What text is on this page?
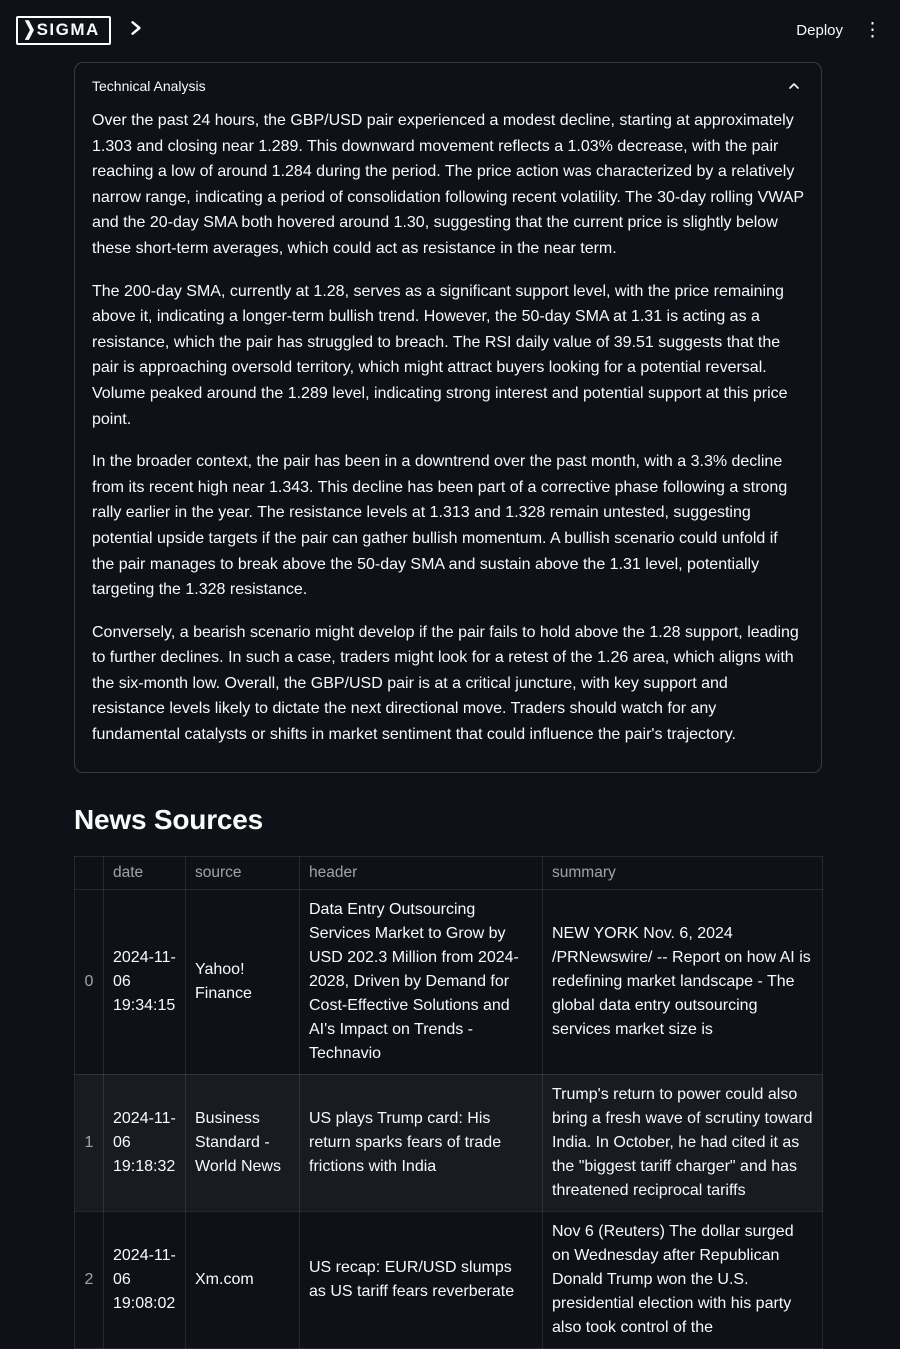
❯ SIGMA	Deploy ⋮
Technical Analysis

Over the past 24 hours, the GBP/USD pair experienced a modest decline, starting at approximately 1.303 and closing near 1.289. This downward movement reflects a 1.03% decrease, with the pair reaching a low of around 1.284 during the period. The price action was characterized by a relatively narrow range, indicating a period of consolidation following recent volatility. The 30-day rolling VWAP and the 20-day SMA both hovered around 1.30, suggesting that the current price is slightly below these short-term averages, which could act as resistance in the near term.

The 200-day SMA, currently at 1.28, serves as a significant support level, with the price remaining above it, indicating a longer-term bullish trend. However, the 50-day SMA at 1.31 is acting as a resistance, which the pair has struggled to breach. The RSI daily value of 39.51 suggests that the pair is approaching oversold territory, which might attract buyers looking for a potential reversal. Volume peaked around the 1.289 level, indicating strong interest and potential support at this price point.

In the broader context, the pair has been in a downtrend over the past month, with a 3.3% decline from its recent high near 1.343. This decline has been part of a corrective phase following a strong rally earlier in the year. The resistance levels at 1.313 and 1.328 remain untested, suggesting potential upside targets if the pair can gather bullish momentum. A bullish scenario could unfold if the pair manages to break above the 50-day SMA and sustain above the 1.31 level, potentially targeting the 1.328 resistance.

Conversely, a bearish scenario might develop if the pair fails to hold above the 1.28 support, leading to further declines. In such a case, traders might look for a retest of the 1.26 area, which aligns with the six-month low. Overall, the GBP/USD pair is at a critical juncture, with key support and resistance levels likely to dictate the next directional move. Traders should watch for any fundamental catalysts or shifts in market sentiment that could influence the pair's trajectory.

News Sources
	date	source	header	summary
0	2024-11-06 19:34:15	Yahoo! Finance	Data Entry Outsourcing Services Market to Grow by USD 202.3 Million from 2024-2028, Driven by Demand for Cost-Effective Solutions and AI's Impact on Trends - Technavio	NEW YORK Nov. 6, 2024 /PRNewswire/ -- Report on how AI is redefining market landscape - The global data entry outsourcing services market size is
1	2024-11-06 19:18:32	Business Standard - World News	US plays Trump card: His return sparks fears of trade frictions with India	Trump's return to power could also bring a fresh wave of scrutiny toward India. In October, he had cited it as the "biggest tariff charger" and has threatened reciprocal tariffs
2	2024-11-06 19:08:02	Xm.com	US recap: EUR/USD slumps as US tariff fears reverberate	Nov 6 (Reuters) The dollar surged on Wednesday after Republican Donald Trump won the U.S. presidential election with his party also took control of the
